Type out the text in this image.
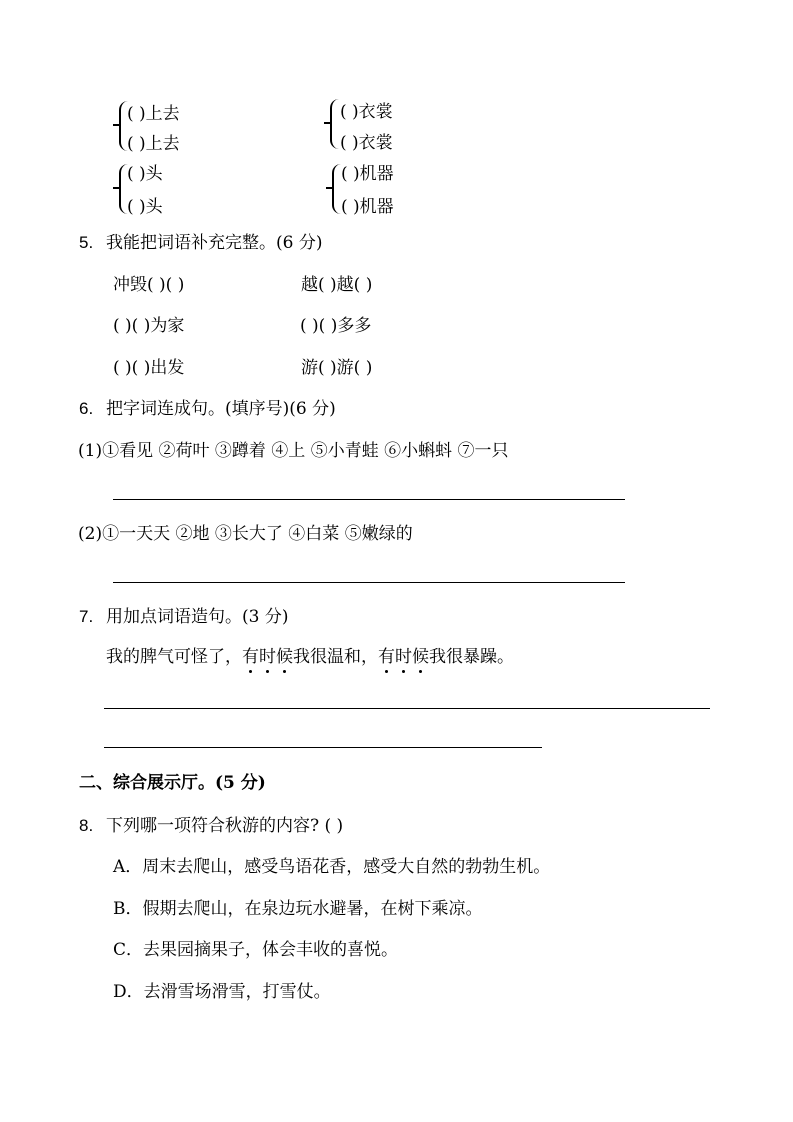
( )上去
( )上去
( )衣裳
( )衣裳
( )头
( )头
( )机器
( )机器
5. 我能把词语补充完整。(6 分)
冲毁( )( )	越( )越( )
( )( )为家	( )( )多多
( )( )出发	游( )游( )
6. 把字词连成句。(填序号)(6 分)
(1)①看见 ②荷叶 ③蹲着 ④上 ⑤小青蛙 ⑥小蝌蚪 ⑦一只
(2)①一天天 ②地 ③长大了 ④白菜 ⑤嫩绿的
7. 用加点词语造句。(3 分)
我的脾气可怪了，有时候我很温和，有时候我很暴躁。
二、综合展示厅。(5 分)
8. 下列哪一项符合秋游的内容? ( )
A．周末去爬山，感受鸟语花香，感受大自然的勃勃生机。
B．假期去爬山，在泉边玩水避暑，在树下乘凉。
C．去果园摘果子，体会丰收的喜悦。
D．去滑雪场滑雪，打雪仗。
